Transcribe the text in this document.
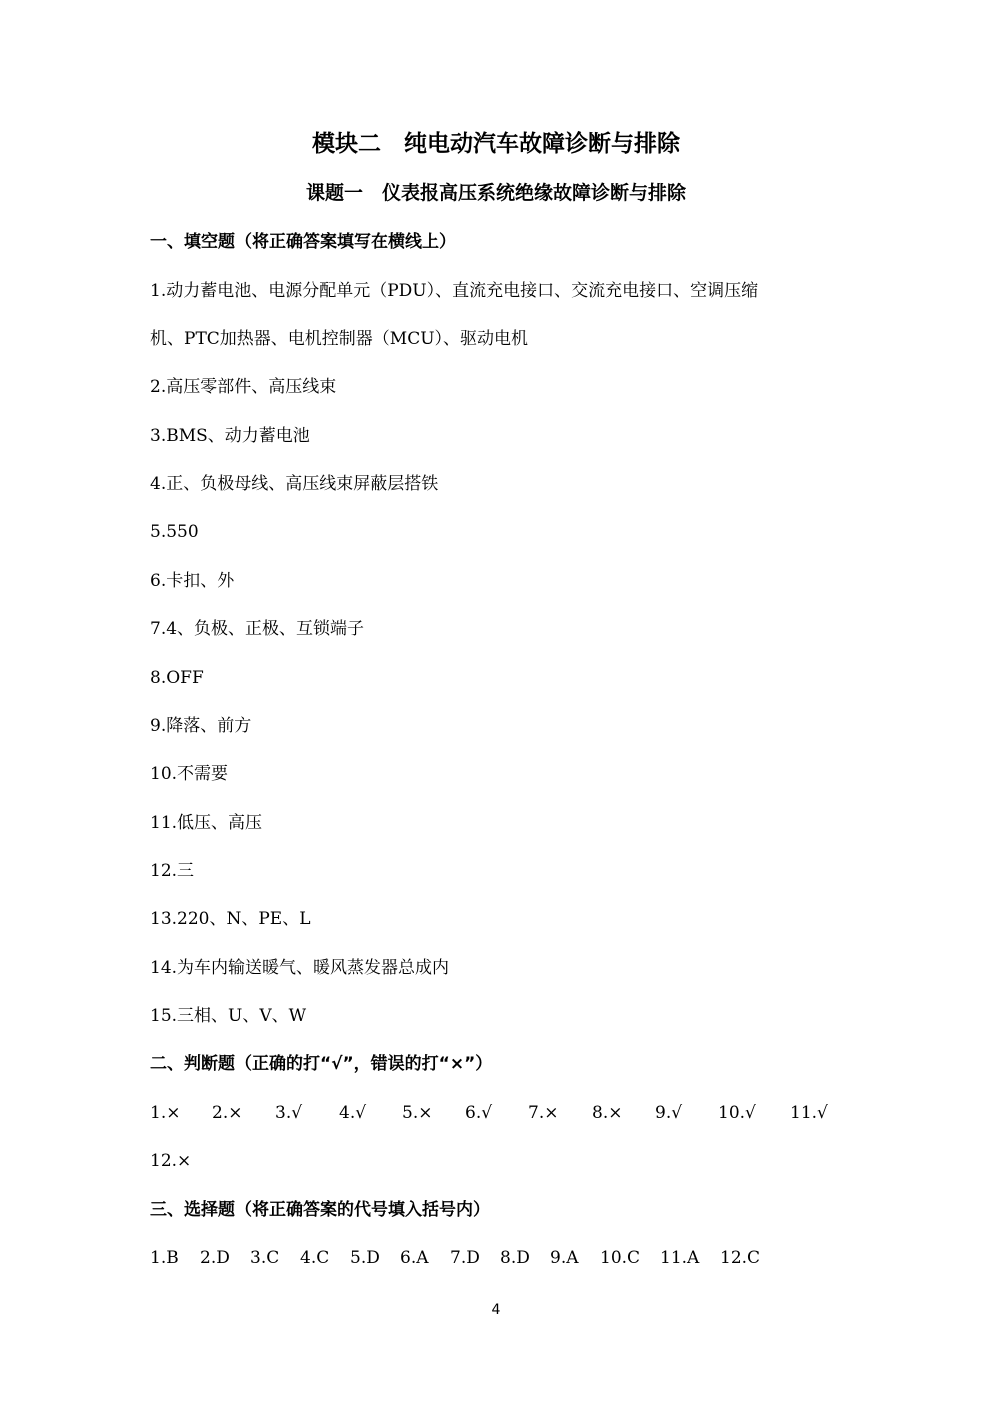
模块二　纯电动汽车故障诊断与排除
课题一　仪表报高压系统绝缘故障诊断与排除
一、填空题（将正确答案填写在横线上）
1.动力蓄电池、电源分配单元（PDU）、直流充电接口、交流充电接口、空调压缩
机、PTC加热器、电机控制器（MCU）、驱动电机
2.高压零部件、高压线束
3.BMS、动力蓄电池
4.正、负极母线、高压线束屏蔽层搭铁
5.550
6.卡扣、外
7.4、负极、正极、互锁端子
8.OFF
9.降落、前方
10.不需要
11.低压、高压
12.三
13.220、N、PE、L
14.为车内输送暖气、暖风蒸发器总成内
15.三相、U、V、W
二、判断题（正确的打“√”，错误的打“×”）
1.× 2.× 3.√ 4.√ 5.× 6.√ 7.× 8.× 9.√ 10.√ 11.√
12.×
三、选择题（将正确答案的代号填入括号内）
1.B 2.D 3.C 4.C 5.D 6.A 7.D 8.D 9.A 10.C 11.A 12.C
4
